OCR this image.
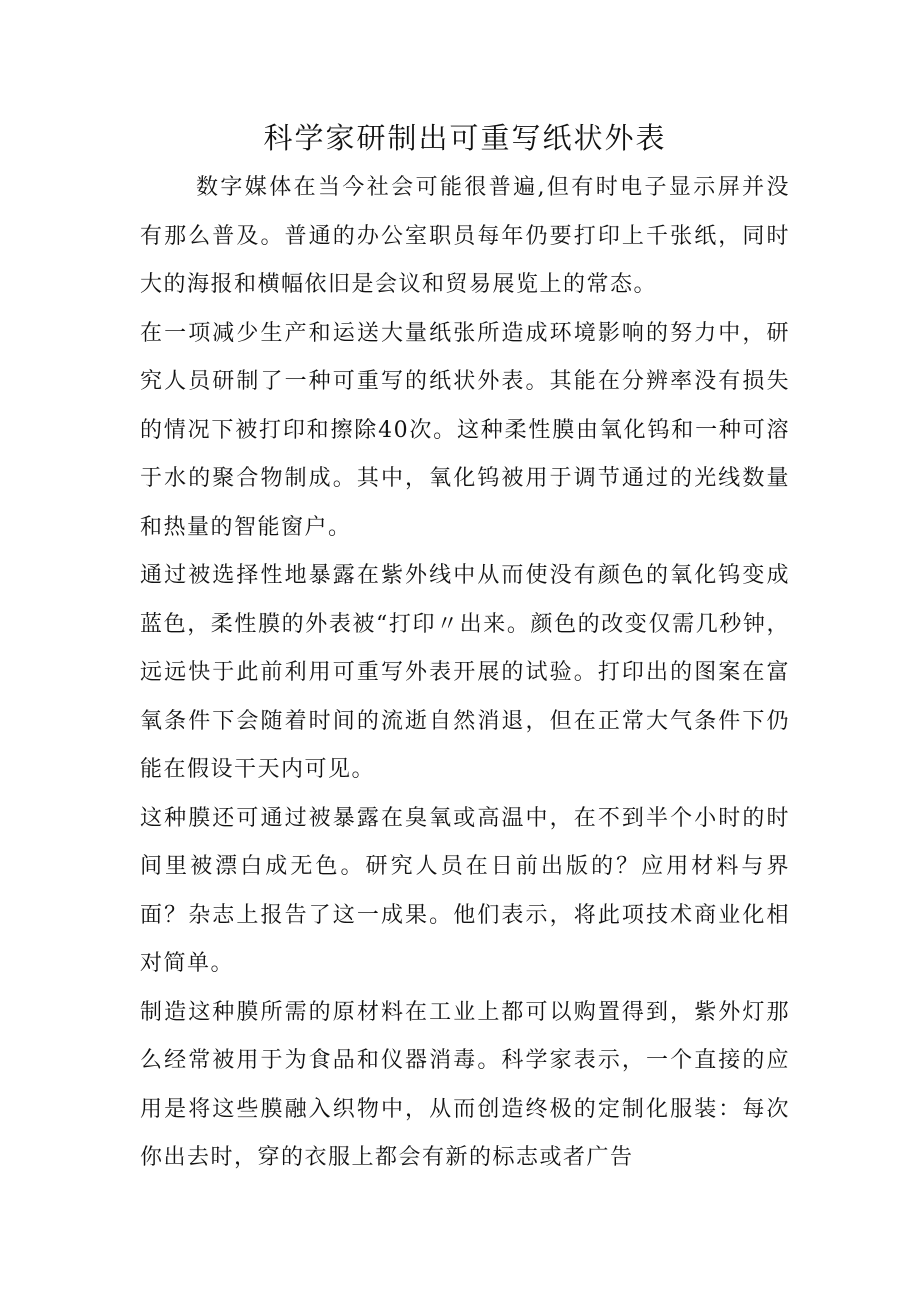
科学家研制出可重写纸状外表

数字媒体在当今社会可能很普遍,但有时电子显示屏并没有那么普及。普通的办公室职员每年仍要打印上千张纸，同时大的海报和横幅依旧是会议和贸易展览上的常态。

在一项减少生产和运送大量纸张所造成环境影响的努力中，研究人员研制了一种可重写的纸状外表。其能在分辨率没有损失的情况下被打印和擦除40次。这种柔性膜由氧化钨和一种可溶于水的聚合物制成。其中，氧化钨被用于调节通过的光线数量和热量的智能窗户。

通过被选择性地暴露在紫外线中从而使没有颜色的氧化钨变成蓝色，柔性膜的外表被“打印〃出来。颜色的改变仅需几秒钟，远远快于此前利用可重写外表开展的试验。打印出的图案在富氧条件下会随着时间的流逝自然消退，但在正常大气条件下仍能在假设干天内可见。

这种膜还可通过被暴露在臭氧或高温中，在不到半个小时的时间里被漂白成无色。研究人员在日前出版的？应用材料与界面？杂志上报告了这一成果。他们表示，将此项技术商业化相对简单。

制造这种膜所需的原材料在工业上都可以购置得到，紫外灯那么经常被用于为食品和仪器消毒。科学家表示，一个直接的应用是将这些膜融入织物中，从而创造终极的定制化服装：每次你出去时，穿的衣服上都会有新的标志或者广告
